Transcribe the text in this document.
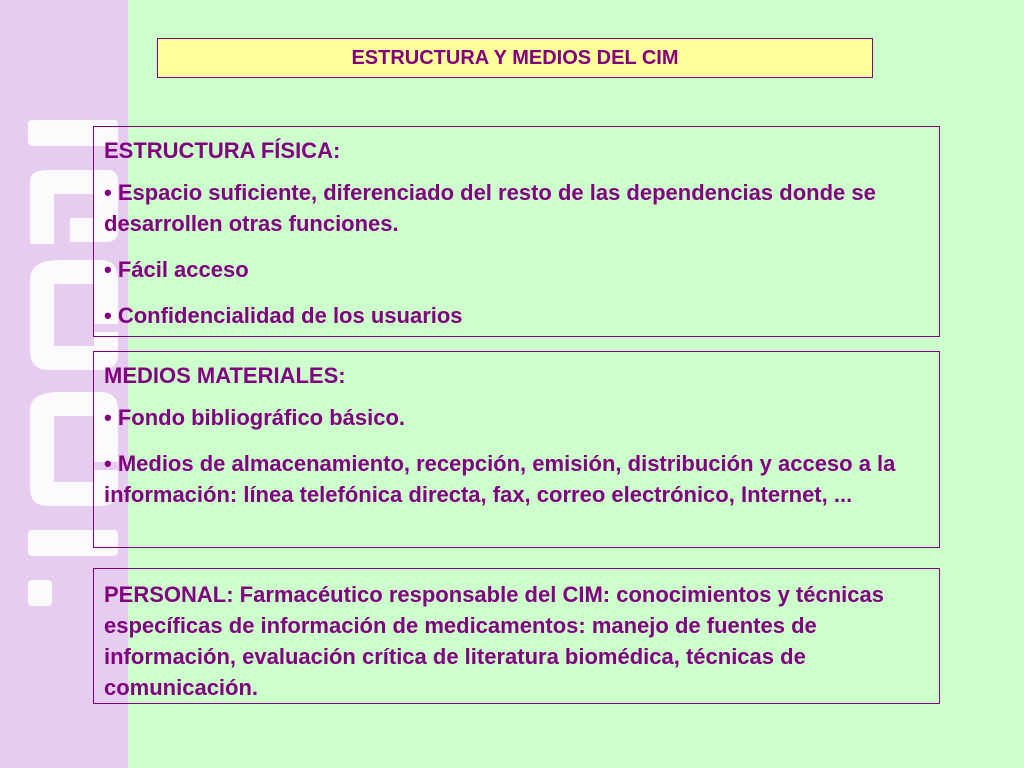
ESTRUCTURA Y MEDIOS DEL CIM

ESTRUCTURA FÍSICA:

• Espacio suficiente, diferenciado del resto de las dependencias donde se desarrollen otras funciones.

• Fácil acceso

• Confidencialidad de los usuarios

MEDIOS MATERIALES:

• Fondo bibliográfico básico.

• Medios de almacenamiento, recepción, emisión, distribución y acceso a la información: línea telefónica directa, fax, correo electrónico, Internet, ...

PERSONAL: Farmacéutico responsable del CIM: conocimientos y técnicas específicas de información de medicamentos: manejo de fuentes de información, evaluación crítica de literatura biomédica, técnicas de comunicación.
